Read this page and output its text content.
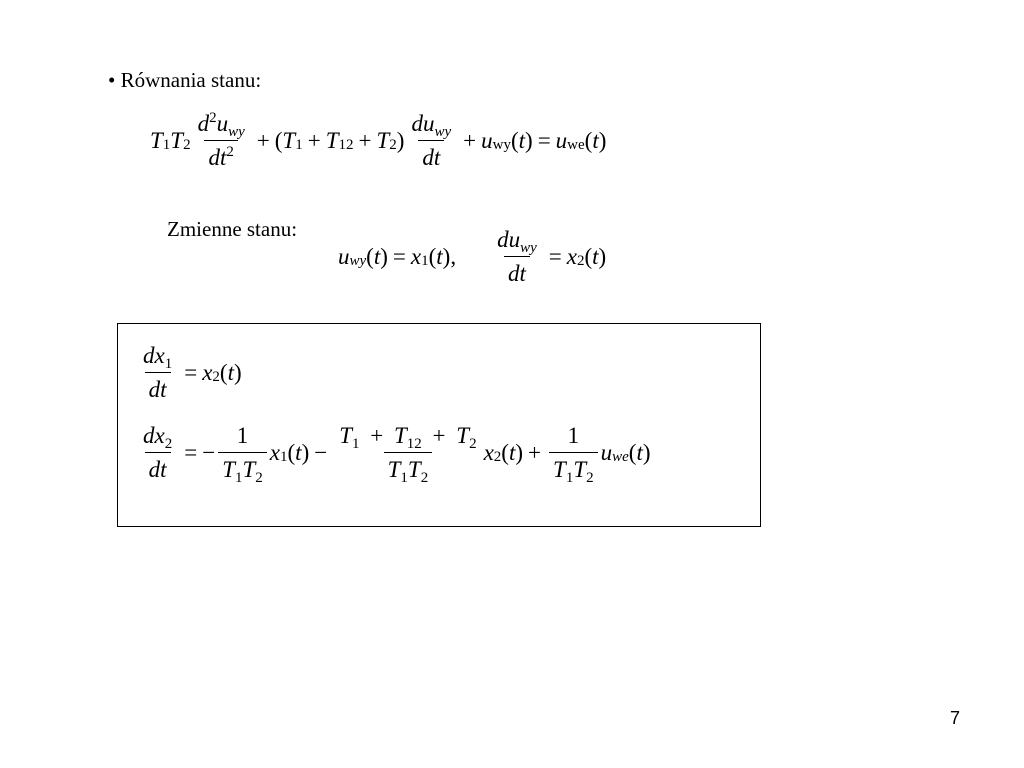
• Równania stanu:
T 1 T $2 \frac{d^2u_{wy}}{dt^2}$ + ( T 1 + T 12 + T 2 ) $\frac{du_{wy}}{dt} + u$ wy ( t ) = u we ( t )
Zmienne stanu:
u wy ( t ) = x 1 ( t ) , $\frac{du_{wy}}{dt} = x$ 2 ( t )
$\frac{dx_1}{dt} = x$ 2 ( t )
$\frac{dx_2}{dt}$ = − $\frac{1}{T_1T_2}$ x 1 ( t ) − $\frac{T_1 + T_{12} + T_2}{T_1T_2}$ x 2 ( t ) + $\frac{1}{T_1T_2}$ u we ( t )
7
